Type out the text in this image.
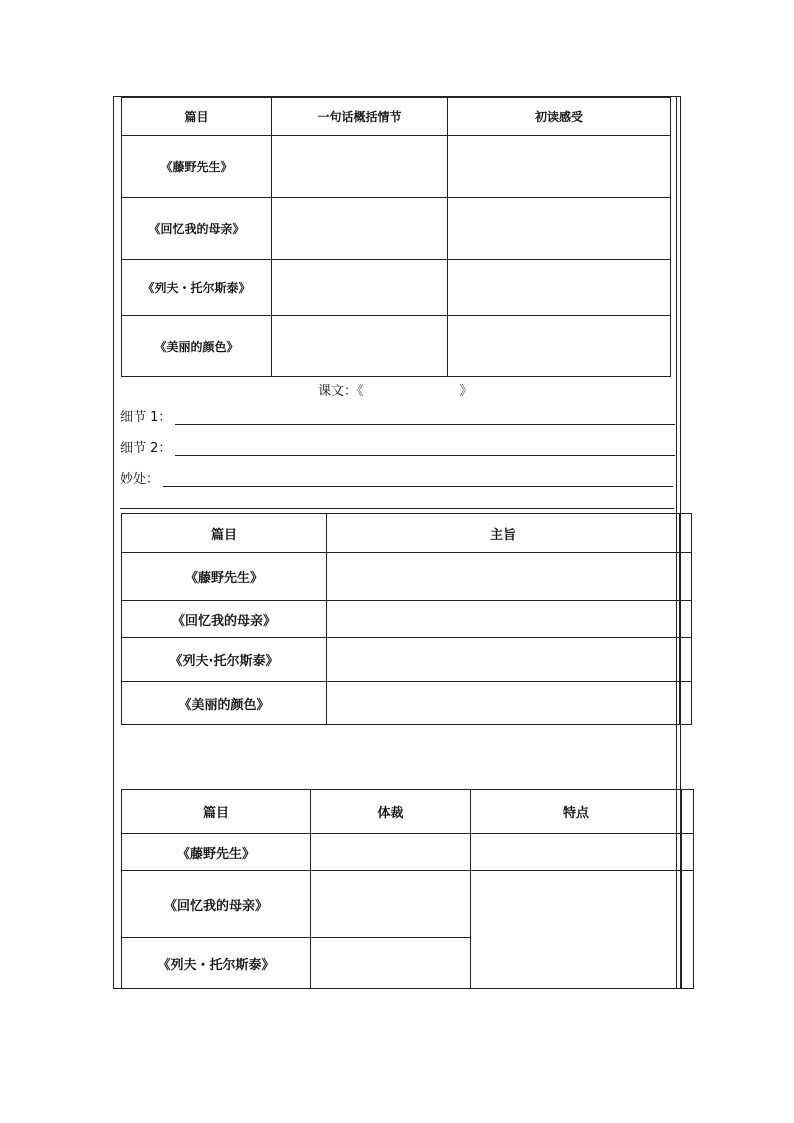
篇目	一句话概括情节	初读感受
《藤野先生》		
《回忆我的母亲》		
《列夫・托尔斯泰》		
《美丽的颜色》		
课文：《	》
细节 1：
细节 2：
妙处：
篇目	主旨	
《藤野先生》		
《回忆我的母亲》		
《列夫·托尔斯泰》		
《美丽的颜色》		
篇目	体裁	特点	
《藤野先生》			
《回忆我的母亲》			
《列夫・托尔斯泰》			
